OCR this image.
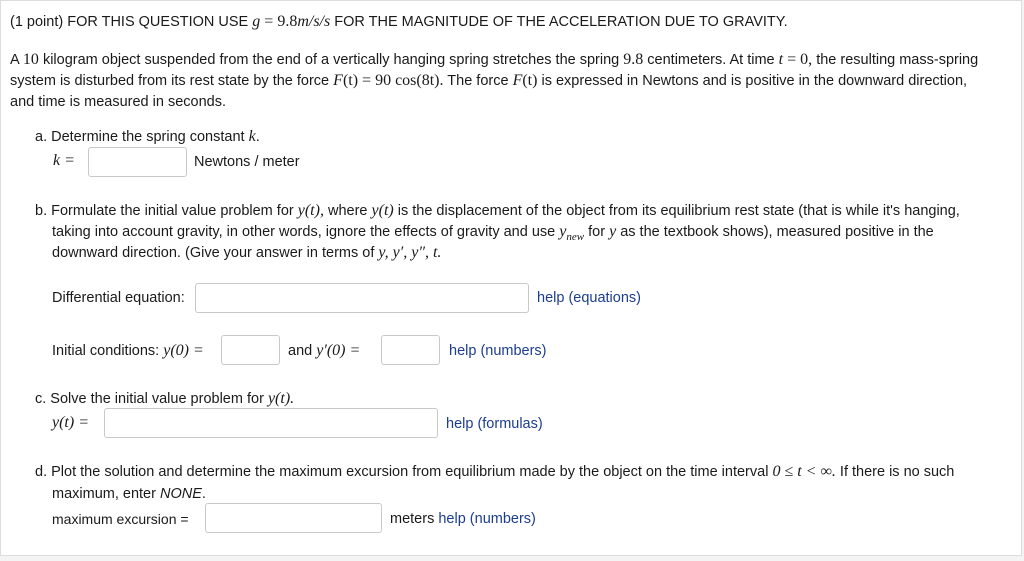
(1 point) FOR THIS QUESTION USE g = 9.8m/s/s FOR THE MAGNITUDE OF THE ACCELERATION DUE TO GRAVITY.
A 10 kilogram object suspended from the end of a vertically hanging spring stretches the spring 9.8 centimeters. At time t = 0, the resulting mass-spring
system is disturbed from its rest state by the force F(t) = 90 cos(8t). The force F(t) is expressed in Newtons and is positive in the downward direction,
and time is measured in seconds.
a. Determine the spring constant k.
k =	Newtons / meter
b. Formulate the initial value problem for y(t), where y(t) is the displacement of the object from its equilibrium rest state (that is while it's hanging,
taking into account gravity, in other words, ignore the effects of gravity and use $y_{new}$ for y as the textbook shows), measured positive in the
downward direction. (Give your answer in terms of y, y′, y″, t.
Differential equation:	help (equations)
Initial conditions: y(0) =	and y′(0) =	help (numbers)
c. Solve the initial value problem for y(t).
y(t) =	help (formulas)
d. Plot the solution and determine the maximum excursion from equilibrium made by the object on the time interval 0 ≤ t < ∞. If there is no such
maximum, enter NONE.
maximum excursion =	meters help (numbers)
